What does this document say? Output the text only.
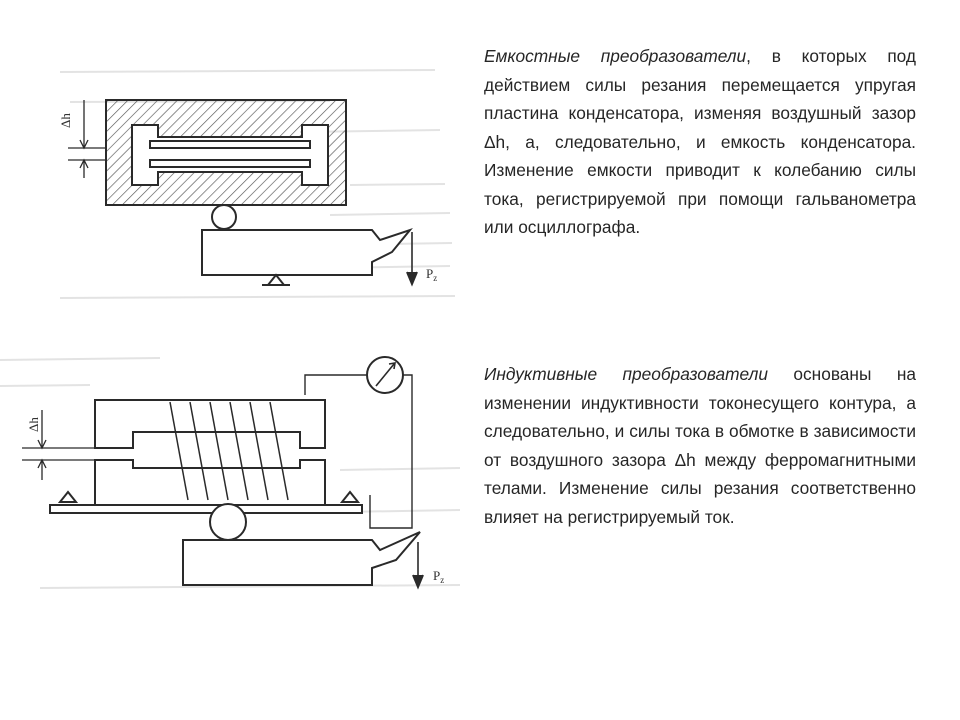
Δh
$P_z$
Δh
$P_z$

Емкостные преобразователи, в которых под действием силы резания перемещается упругая пластина конденсатора, изменяя воздушный зазор Δh, а, следовательно, и емкость конденсатора. Изменение емкости приводит к колебанию силы тока, регистрируемой при помощи гальванометра или осциллографа.

Индуктивные преобразователи основаны на изменении индуктивности токонесущего контура, а следовательно, и силы тока в обмотке в зависимости от воздушного зазора Δh между ферромагнитными телами. Изменение силы резания соответственно влияет на регистрируемый ток.
